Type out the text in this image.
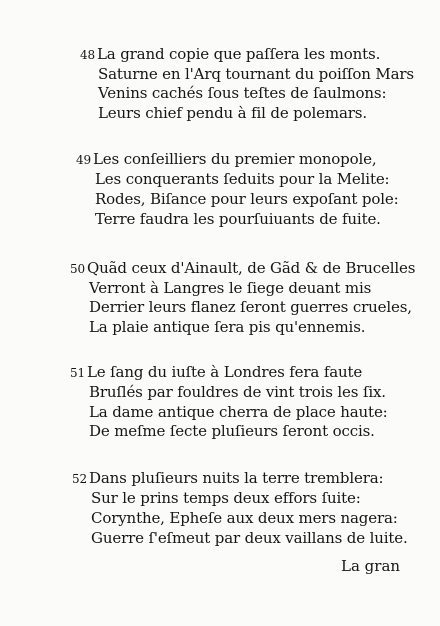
48 La grand copie que paſſera les monts.
Saturne en l'Arq tournant du poiſſon Mars
Venins cachés ſous teſtes de ſaulmons:
Leurs chief pendu à fil de polemars.
49 Les conſeilliers du premier monopole,
Les conquerants ſeduits pour la Melite:
Rodes, Biſance pour leurs expoſant pole:
Terre faudra les pourſuiuants de fuite.
50 Quãd ceux d'Ainault, de Gãd & de Brucelles
Verront à Langres le ſiege deuant mis
Derrier leurs flanez ſeront guerres crueles,
La plaie antique ſera pis qu'ennemis.
51 Le ſang du iuſte à Londres fera faute
Bruſlés par fouldres de vint trois les ſix.
La dame antique cherra de place haute:
De meſme ſecte pluſieurs ſeront occis.
52 Dans pluſieurs nuits la terre tremblera:
Sur le prins temps deux effors ſuite:
Corynthe, Epheſe aux deux mers nagera:
Guerre ſ'eſmeut par deux vaillans de luite.
La gran
